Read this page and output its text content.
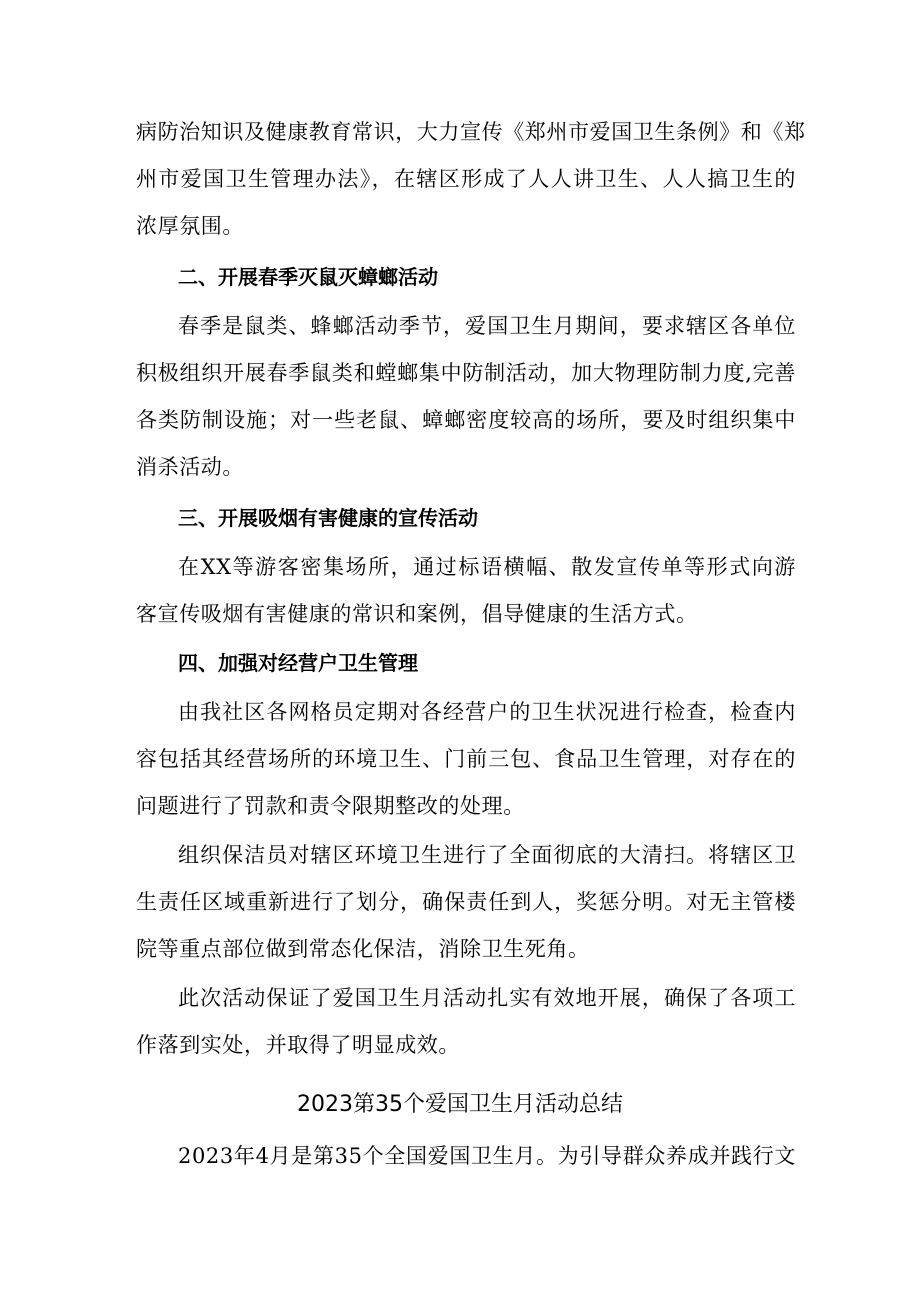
病防治知识及健康教育常识，大力宣传《郑州市爱国卫生条例》和《郑
州市爱国卫生管理办法》，在辖区形成了人人讲卫生、人人搞卫生的
浓厚氛围。
二、开展春季灭鼠灭蟑螂活动
春季是鼠类、蜂螂活动季节，爱国卫生月期间，要求辖区各单位
积极组织开展春季鼠类和螳螂集中防制活动，加大物理防制力度,完善
各类防制设施；对一些老鼠、蟑螂密度较高的场所，要及时组织集中
消杀活动。
三、开展吸烟有害健康的宣传活动
在XX等游客密集场所，通过标语横幅、散发宣传单等形式向游
客宣传吸烟有害健康的常识和案例，倡导健康的生活方式。
四、加强对经营户卫生管理
由我社区各网格员定期对各经营户的卫生状况进行检查，检查内
容包括其经营场所的环境卫生、门前三包、食品卫生管理，对存在的
问题进行了罚款和责令限期整改的处理。
组织保洁员对辖区环境卫生进行了全面彻底的大清扫。将辖区卫
生责任区域重新进行了划分，确保责任到人，奖惩分明。对无主管楼
院等重点部位做到常态化保洁，消除卫生死角。
此次活动保证了爱国卫生月活动扎实有效地开展，确保了各项工
作落到实处，并取得了明显成效。
2023第35个爱国卫生月活动总结
2023年4月是第35个全国爱国卫生月。为引导群众养成并践行文
